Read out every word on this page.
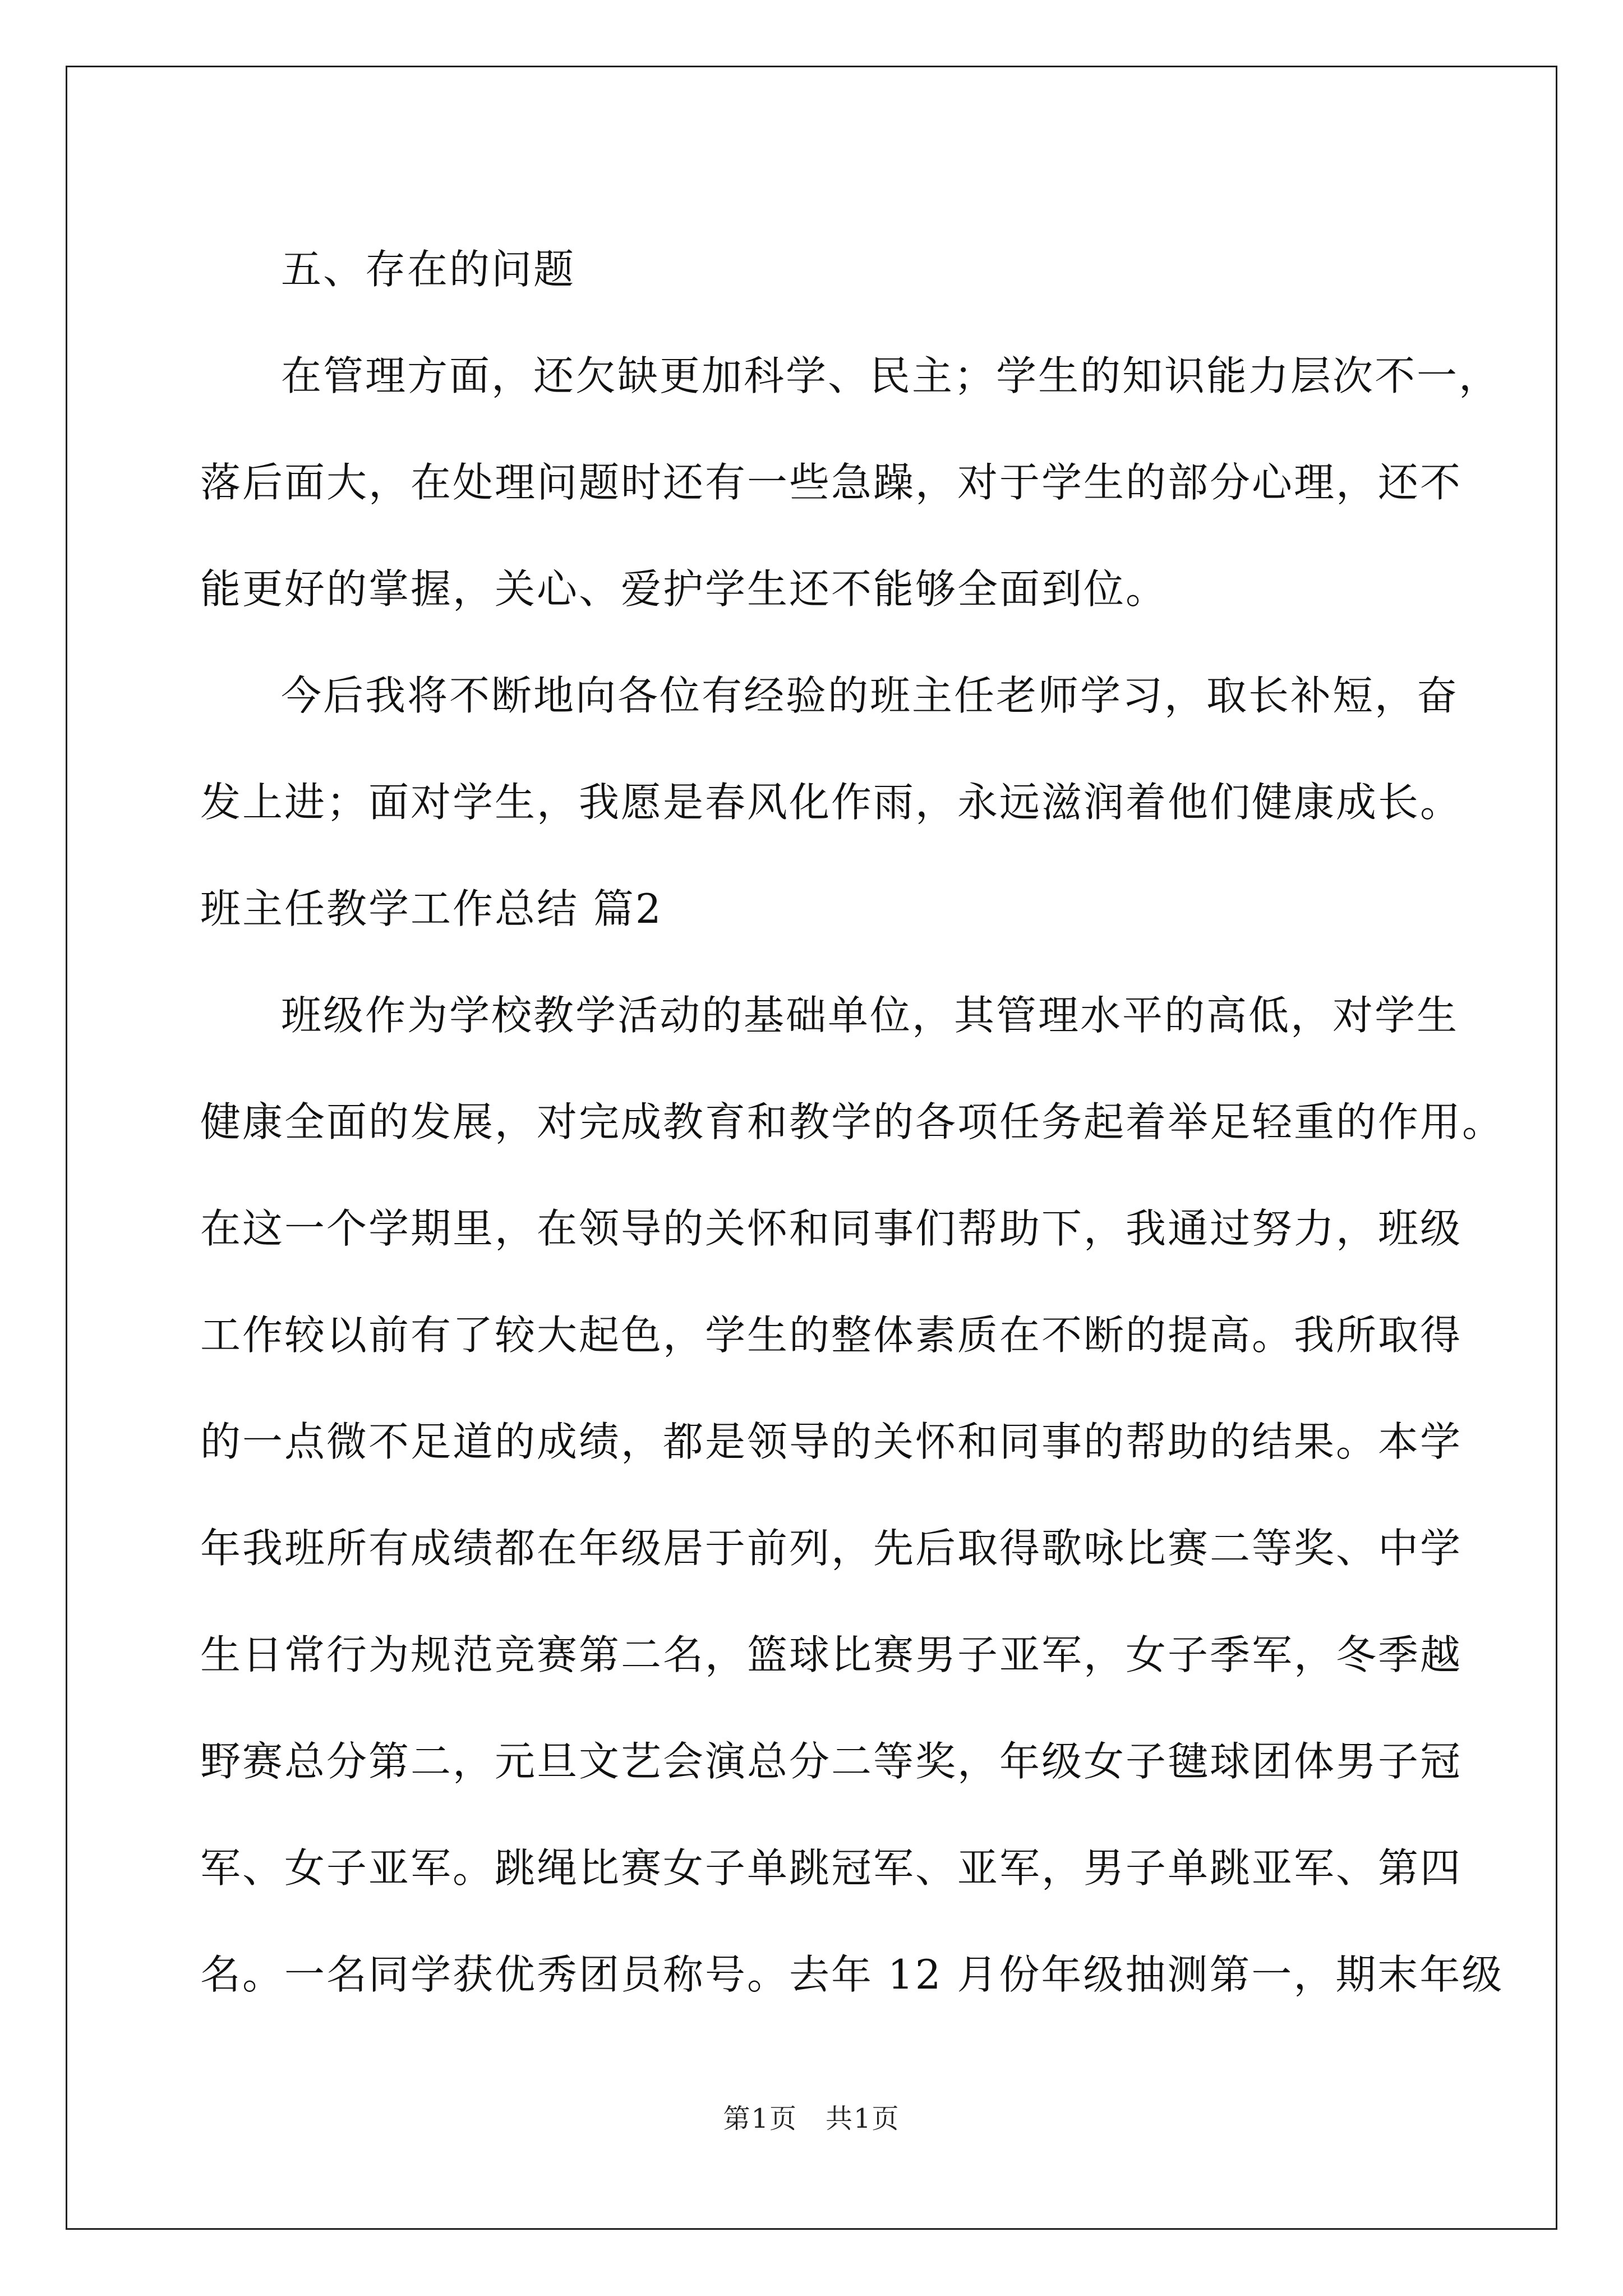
五、存在的问题
在管理方面，还欠缺更加科学、民主；学生的知识能力层次不一，
落后面大，在处理问题时还有一些急躁，对于学生的部分心理，还不
能更好的掌握，关心、爱护学生还不能够全面到位。
今后我将不断地向各位有经验的班主任老师学习，取长补短，奋
发上进；面对学生，我愿是春风化作雨，永远滋润着他们健康成长。
班主任教学工作总结 篇2
班级作为学校教学活动的基础单位，其管理水平的高低，对学生
健康全面的发展，对完成教育和教学的各项任务起着举足轻重的作用。
在这一个学期里，在领导的关怀和同事们帮助下，我通过努力，班级
工作较以前有了较大起色，学生的整体素质在不断的提高。我所取得
的一点微不足道的成绩，都是领导的关怀和同事的帮助的结果。本学
年我班所有成绩都在年级居于前列，先后取得歌咏比赛二等奖、中学
生日常行为规范竞赛第二名，篮球比赛男子亚军，女子季军，冬季越
野赛总分第二，元旦文艺会演总分二等奖，年级女子毽球团体男子冠
军、女子亚军。跳绳比赛女子单跳冠军、亚军，男子单跳亚军、第四
名。一名同学获优秀团员称号。去年 12 月份年级抽测第一，期末年级
第1页　共1页
